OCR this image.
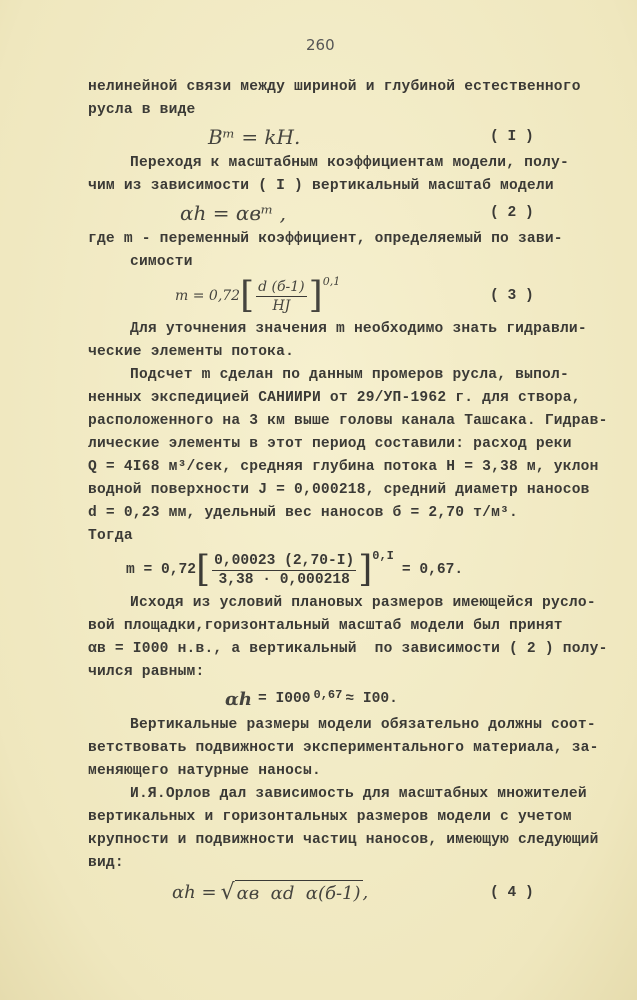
260
нелинейной связи между шириной и глубиной естественного
русла в виде
Bᵐ = kH.	( I )
Переходя к масштабным коэффициентам модели, полу-
чим из зависимости ( I ) вертикальный масштаб модели
αh = αвᵐ ,	( 2 )
где m - переменный коэффициент, определяемый по зави-
симости
m = 0,72 [ $\frac{d (б-1)}{HJ} ]^{0,1}$
( 3 )
Для уточнения значения m необходимо знать гидравли-
ческие элементы потока.
Подсчет m сделан по данным промеров русла, выпол-
ненных экспедицией САНИИРИ от 29/УП-1962 г. для створа,
расположенного на 3 км выше головы канала Ташсака. Гидрав-
лические элементы в этот период составили: расход реки
Q = 4I68 м³/сек, средняя глубина потока H = 3,38 м, уклон
водной поверхности J = 0,000218, средний диаметр наносов
d = 0,23 мм, удельный вес наносов б = 2,70 т/м³.
Тогда
m = 0,72 [ $\frac{0,00023 (2,70-I)}{3,38 \cdot 0,000218} ]^{0,I}$
= 0,67.
Исходя из условий плановых размеров имеющейся русло-
вой площадки,горизонтальный масштаб модели был принят
αв = I000 н.в., а вертикальный  по зависимости ( 2 ) полу-
чился равным:
αh = I000 $^{0,67}$ ≈ I00.
Вертикальные размеры модели обязательно должны соот-
ветствовать подвижности экспериментального материала, за-
меняющего натурные наносы.
И.Я.Орлов дал зависимость для масштабных множителей
вертикальных и горизонтальных размеров модели с учетом
крупности и подвижности частиц наносов, имеющую следующий
вид:
αh = √ αв  αd  α(б-1) ,	( 4 )
